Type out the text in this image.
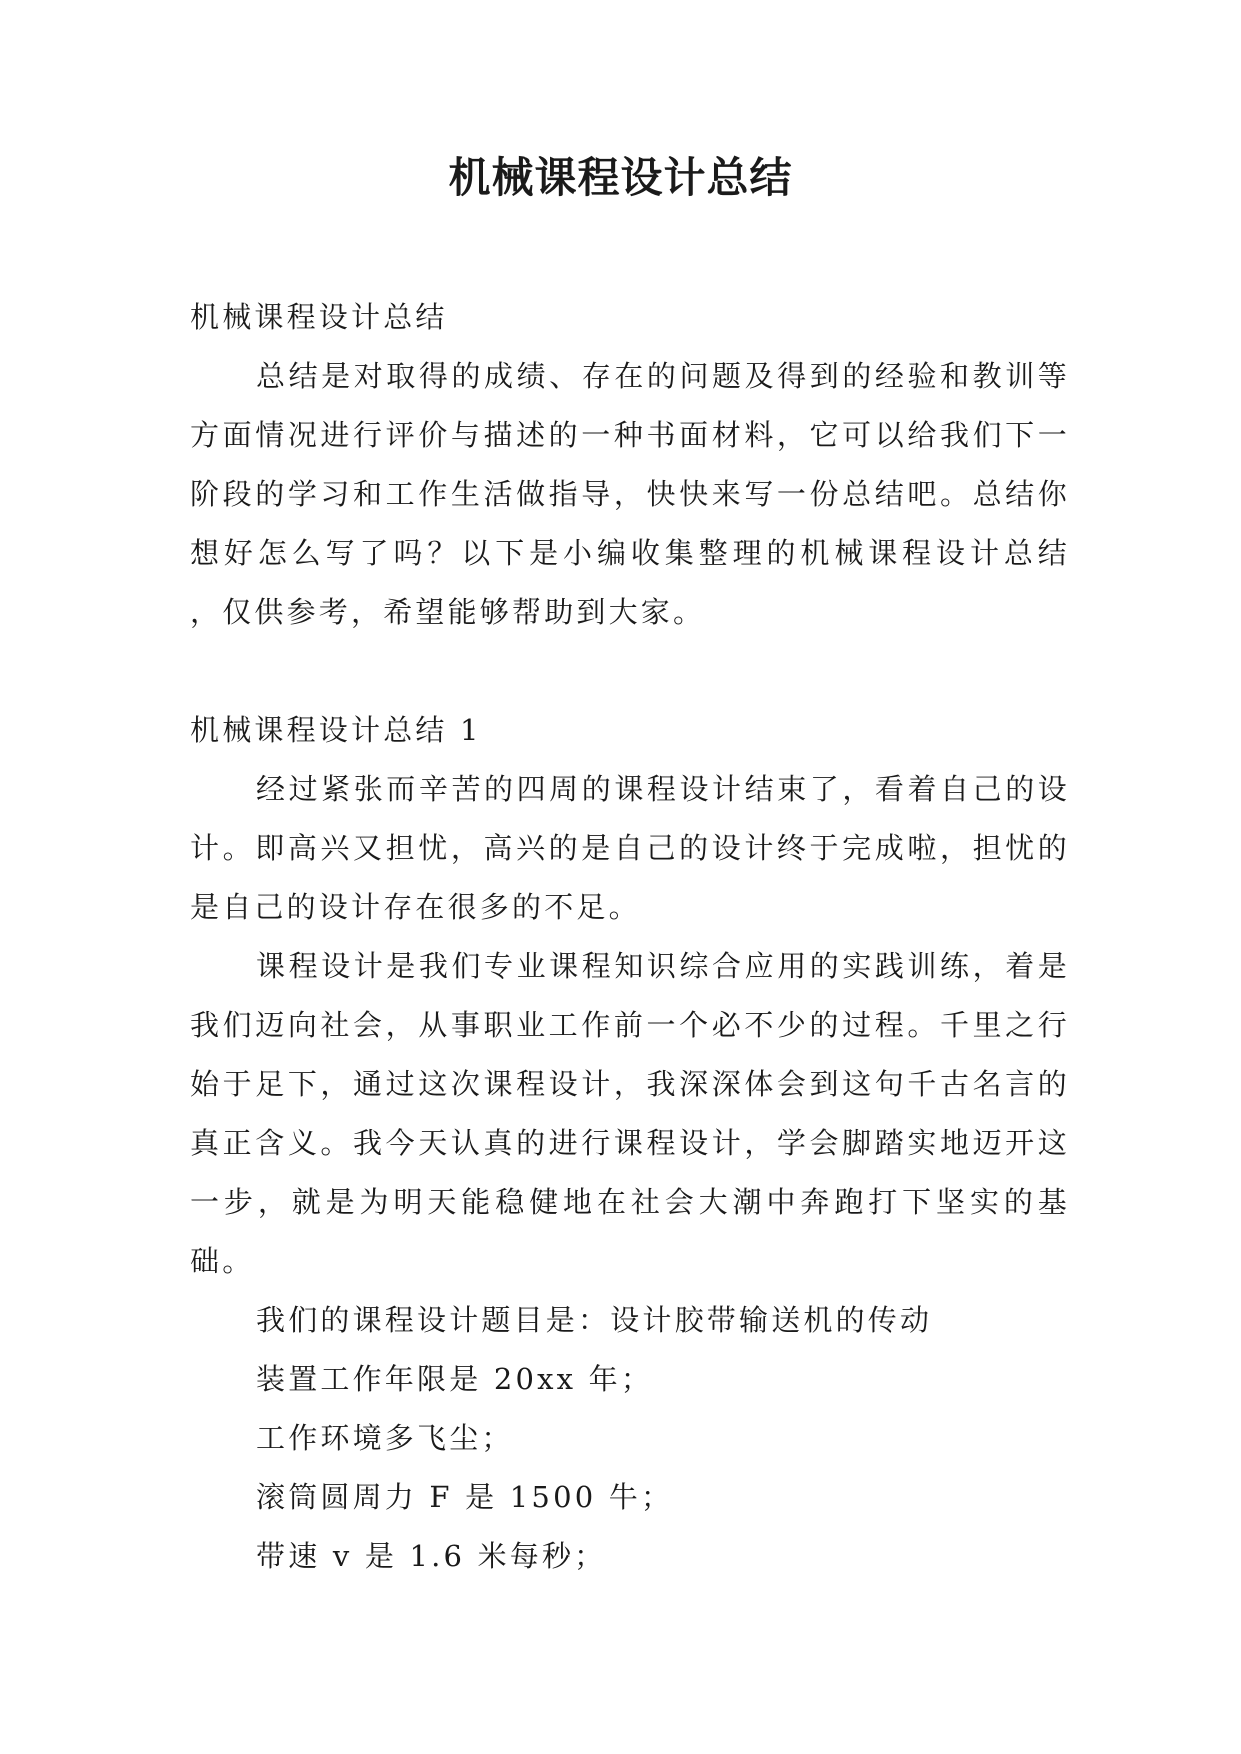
机械课程设计总结

机械课程设计总结

总结是对取得的成绩、存在的问题及得到的经验和教训等方面情况进行评价与描述的一种书面材料，它可以给我们下一阶段的学习和工作生活做指导，快快来写一份总结吧。总结你想好怎么写了吗？以下是小编收集整理的机械课程设计总结 ，仅供参考，希望能够帮助到大家。

机械课程设计总结 1

经过紧张而辛苦的四周的课程设计结束了，看着自己的设计。即高兴又担忧，高兴的是自己的设计终于完成啦，担忧的是自己的设计存在很多的不足。

课程设计是我们专业课程知识综合应用的实践训练，着是我们迈向社会，从事职业工作前一个必不少的过程。千里之行始于足下，通过这次课程设计，我深深体会到这句千古名言的真正含义。我今天认真的进行课程设计，学会脚踏实地迈开这一步，就是为明天能稳健地在社会大潮中奔跑打下坚实的基础。

我们的课程设计题目是：设计胶带输送机的传动

装置工作年限是 20xx 年；

工作环境多飞尘；

滚筒圆周力 F 是 1500 牛；

带速 v 是 1.6 米每秒；
